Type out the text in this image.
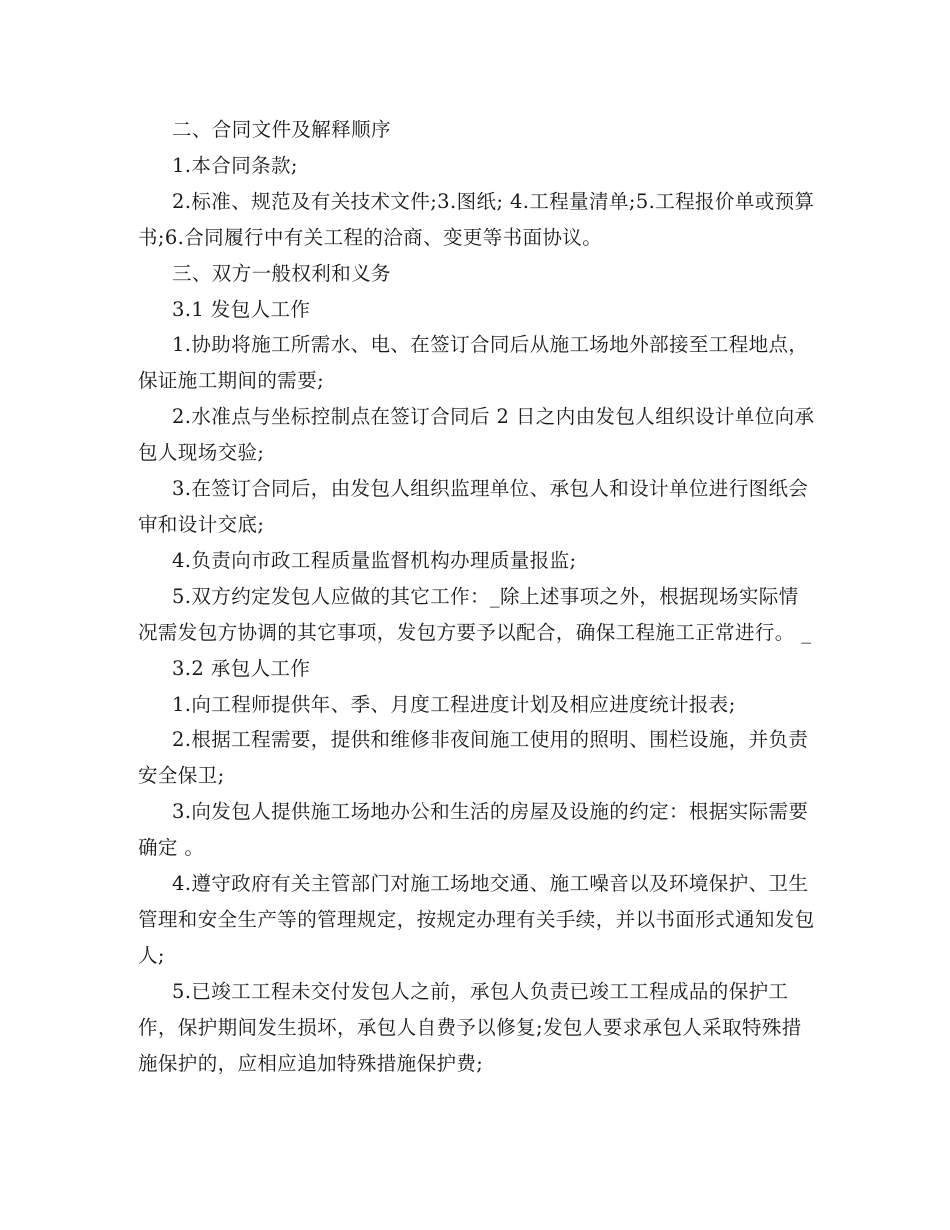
二、合同文件及解释顺序

1.本合同条款;

2.标准、规范及有关技术文件;3.图纸; 4.工程量清单;5.工程报价单或预算书;6.合同履行中有关工程的洽商、变更等书面协议。

三、双方一般权利和义务

3.1 发包人工作

1.协助将施工所需水、电、在签订合同后从施工场地外部接至工程地点，保证施工期间的需要;

2.水准点与坐标控制点在签订合同后 2 日之内由发包人组织设计单位向承包人现场交验;

3.在签订合同后，由发包人组织监理单位、承包人和设计单位进行图纸会审和设计交底;

4.负责向市政工程质量监督机构办理质量报监;

5.双方约定发包人应做的其它工作：_除上述事项之外，根据现场实际情况需发包方协调的其它事项，发包方要予以配合，确保工程施工正常进行。 _

3.2 承包人工作

1.向工程师提供年、季、月度工程进度计划及相应进度统计报表;

2.根据工程需要，提供和维修非夜间施工使用的照明、围栏设施，并负责安全保卫;

3.向发包人提供施工场地办公和生活的房屋及设施的约定：根据实际需要确定 。

4.遵守政府有关主管部门对施工场地交通、施工噪音以及环境保护、卫生管理和安全生产等的管理规定，按规定办理有关手续，并以书面形式通知发包人;

5.已竣工工程未交付发包人之前，承包人负责已竣工工程成品的保护工作，保护期间发生损坏，承包人自费予以修复;发包人要求承包人采取特殊措施保护的，应相应追加特殊措施保护费;
